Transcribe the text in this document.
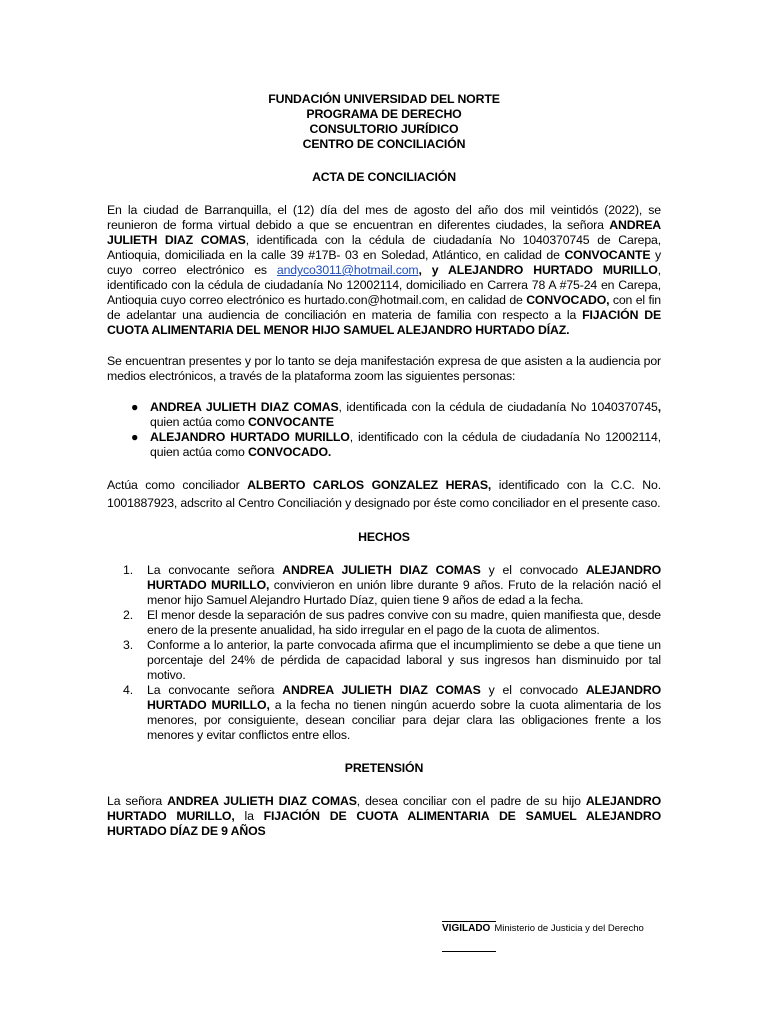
FUNDACIÓN UNIVERSIDAD DEL NORTE
PROGRAMA DE DERECHO
CONSULTORIO JURÍDICO
CENTRO DE CONCILIACIÓN
ACTA DE CONCILIACIÓN

En la ciudad de Barranquilla, el (12) día del mes de agosto del año dos mil veintidós (2022), se reunieron de forma virtual debido a que se encuentran en diferentes ciudades, la señora ANDREA JULIETH DIAZ COMAS, identificada con la cédula de ciudadanía No 1040370745 de Carepa, Antioquia, domiciliada en la calle 39 #17B- 03 en Soledad, Atlántico, en calidad de CONVOCANTE y cuyo correo electrónico es andyco3011@hotmail.com, y ALEJANDRO HURTADO MURILLO, identificado con la cédula de ciudadanía No 12002114, domiciliado en Carrera 78 A #75-24 en Carepa, Antioquia cuyo correo electrónico es hurtado.con@hotmail.com, en calidad de CONVOCADO, con el fin de adelantar una audiencia de conciliación en materia de familia con respecto a la FIJACIÓN DE CUOTA ALIMENTARIA DEL MENOR HIJO SAMUEL ALEJANDRO HURTADO DÍAZ.

Se encuentran presentes y por lo tanto se deja manifestación expresa de que asisten a la audiencia por medios electrónicos, a través de la plataforma zoom las siguientes personas:

● ANDREA JULIETH DIAZ COMAS, identificada con la cédula de ciudadanía No 1040370745, quien actúa como CONVOCANTE
● ALEJANDRO HURTADO MURILLO, identificado con la cédula de ciudadanía No 12002114, quien actúa como CONVOCADO.

Actúa como conciliador ALBERTO CARLOS GONZALEZ HERAS, identificado con la C.C. No. 1001887923, adscrito al Centro Conciliación y designado por éste como conciliador en el presente caso.

HECHOS
1. La convocante señora ANDREA JULIETH DIAZ COMAS y el convocado ALEJANDRO HURTADO MURILLO, convivieron en unión libre durante 9 años. Fruto de la relación nació el menor hijo Samuel Alejandro Hurtado Díaz, quien tiene 9 años de edad a la fecha.
2. El menor desde la separación de sus padres convive con su madre, quien manifiesta que, desde enero de la presente anualidad, ha sido irregular en el pago de la cuota de alimentos.
3. Conforme a lo anterior, la parte convocada afirma que el incumplimiento se debe a que tiene un porcentaje del 24% de pérdida de capacidad laboral y sus ingresos han disminuido por tal motivo.
4. La convocante señora ANDREA JULIETH DIAZ COMAS y el convocado ALEJANDRO HURTADO MURILLO, a la fecha no tienen ningún acuerdo sobre la cuota alimentaria de los menores, por consiguiente, desean conciliar para dejar clara las obligaciones frente a los menores y evitar conflictos entre ellos.
PRETENSIÓN

La señora ANDREA JULIETH DIAZ COMAS, desea conciliar con el padre de su hijo ALEJANDRO HURTADO MURILLO, la FIJACIÓN DE CUOTA ALIMENTARIA DE SAMUEL ALEJANDRO HURTADO DÍAZ DE 9 AÑOS

VIGILADO Ministerio de Justicia y del Derecho
